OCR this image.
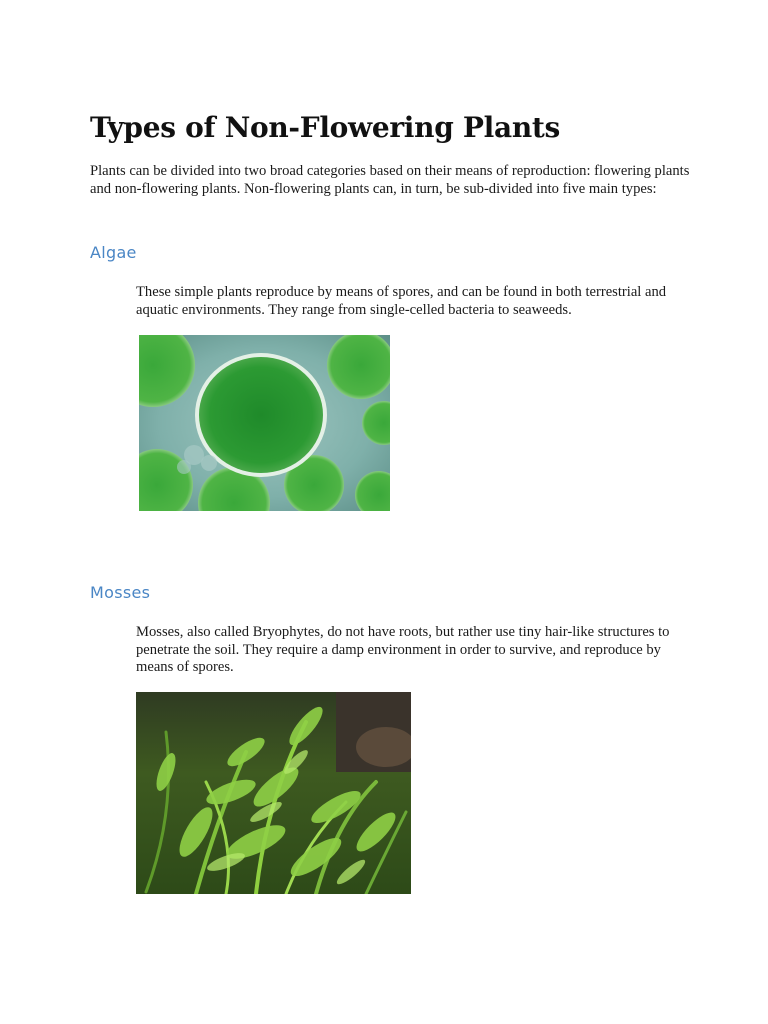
Types of Non-Flowering Plants

Plants can be divided into two broad categories based on their means of reproduction: flowering plants and non-flowering plants. Non-flowering plants can, in turn, be sub-divided into five main types:

Algae

These simple plants reproduce by means of spores, and can be found in both terrestrial and aquatic environments. They range from single-celled bacteria to seaweeds.

Mosses

Mosses, also called Bryophytes, do not have roots, but rather use tiny hair-like structures to penetrate the soil. They require a damp environment in order to survive, and reproduce by means of spores.
